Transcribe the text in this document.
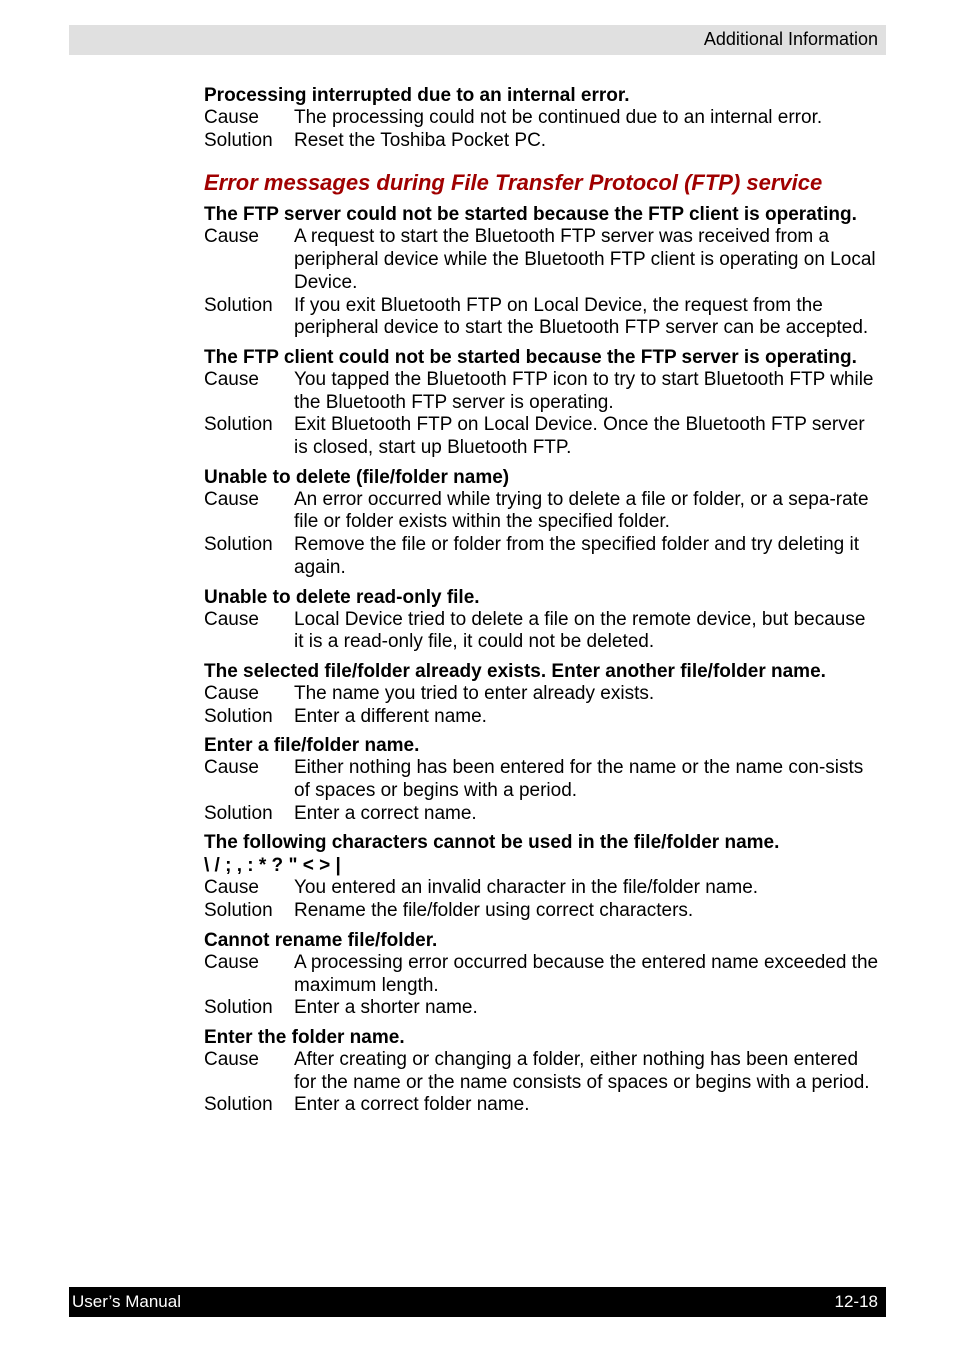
Additional Information
Processing interrupted due to an internal error.
Cause	The processing could not be continued due to an internal error.
Solution	Reset the Toshiba Pocket PC.
Error messages during File Transfer Protocol (FTP) service
The FTP server could not be started because the FTP client is operating.
Cause	A request to start the Bluetooth FTP server was received from a peripheral device while the Bluetooth FTP client is operating on Local Device.
Solution	If you exit Bluetooth FTP on Local Device, the request from the peripheral device to start the Bluetooth FTP server can be accepted.
The FTP client could not be started because the FTP server is operating.
Cause	You tapped the Bluetooth FTP icon to try to start Bluetooth FTP while the Bluetooth FTP server is operating.
Solution	Exit Bluetooth FTP on Local Device. Once the Bluetooth FTP server is closed, start up Bluetooth FTP.
Unable to delete (file/folder name)
Cause	An error occurred while trying to delete a file or folder, or a sepa-rate file or folder exists within the specified folder.
Solution	Remove the file or folder from the specified folder and try deleting it again.
Unable to delete read-only file.
Cause	Local Device tried to delete a file on the remote device, but because it is a read-only file, it could not be deleted.
The selected file/folder already exists. Enter another file/folder name.
Cause	The name you tried to enter already exists.
Solution	Enter a different name.
Enter a file/folder name.
Cause	Either nothing has been entered for the name or the name con-sists of spaces or begins with a period.
Solution	Enter a correct name.
The following characters cannot be used in the file/folder name.
\ / ; , : * ? " < > |
Cause	You entered an invalid character in the file/folder name.
Solution	Rename the file/folder using correct characters.
Cannot rename file/folder.
Cause	A processing error occurred because the entered name exceeded the maximum length.
Solution	Enter a shorter name.
Enter the folder name.
Cause	After creating or changing a folder, either nothing has been entered for the name or the name consists of spaces or begins with a period.
Solution	Enter a correct folder name.
User’s Manual	12-18
